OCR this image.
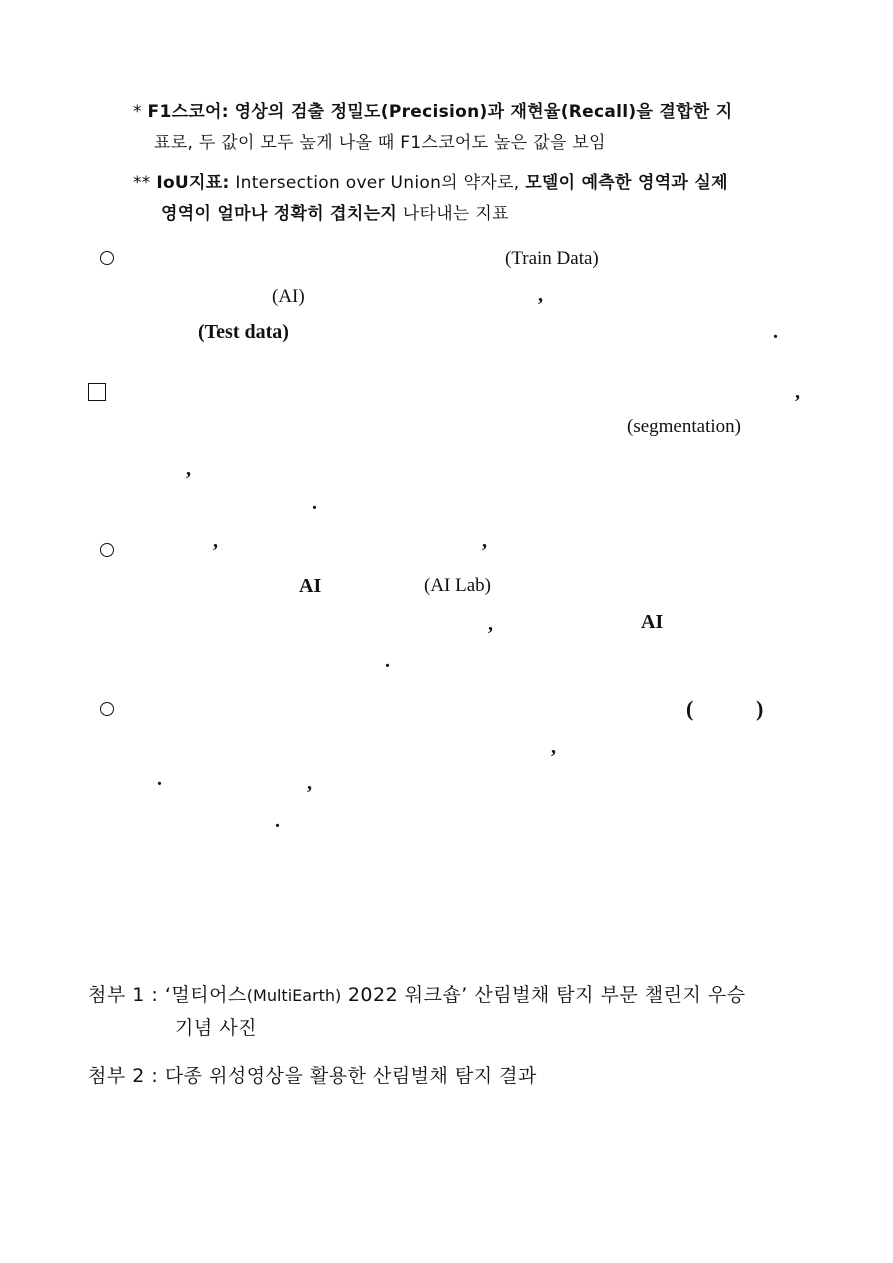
* F1스코어: 영상의 검출 정밀도(Precision)과 재현율(Recall)을 결합한 지
표로, 두 값이 모두 높게 나올 때 F1스코어도 높은 값을 보임
** IoU지표: Intersection over Union의 약자로, 모델이 예측한 영역과 실제
영역이 얼마나 정확히 겹치는지 나타내는 지표
(Train Data)
(AI)	,
(Test data)	.
,
(segmentation)
,
.
,	,
AI	(AI Lab)
,	AI
.
(	)
,
.	,
.
첨부 1 : ‘멀티어스(MultiEarth) 2022 워크숍’ 산림벌채 탐지 부문 챌린지 우승
기념 사진
첨부 2 : 다종 위성영상을 활용한 산림벌채 탐지 결과
